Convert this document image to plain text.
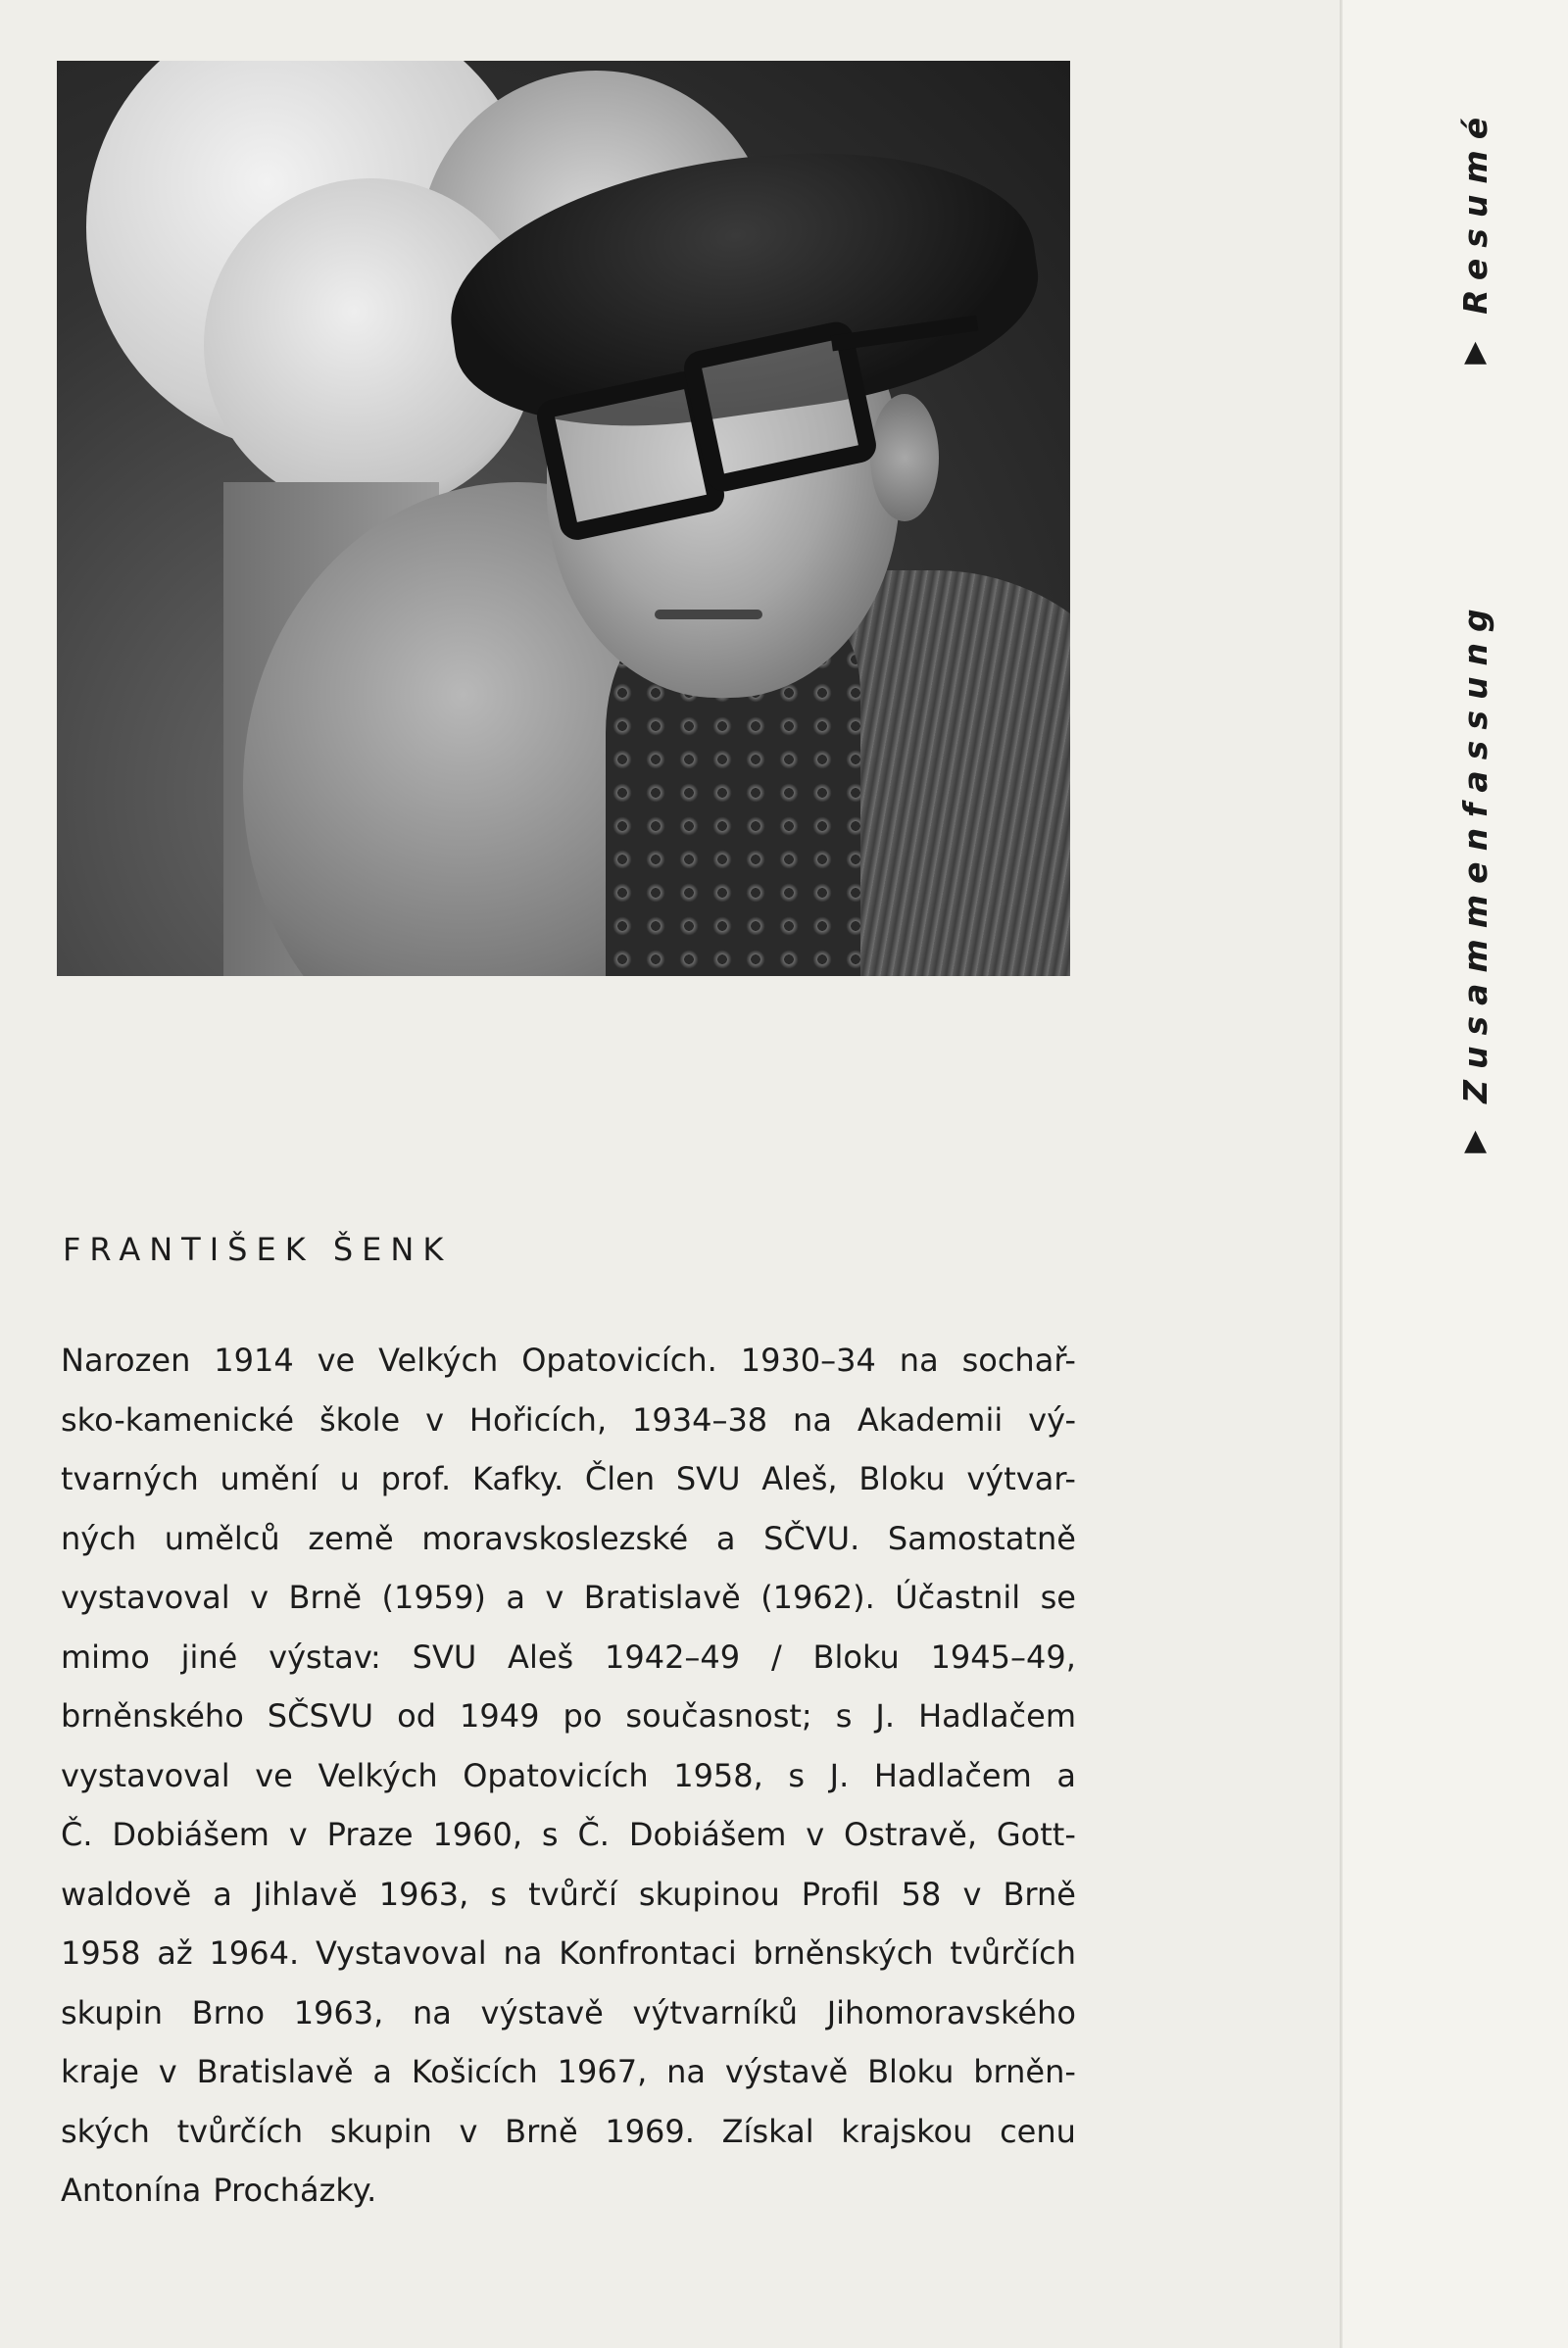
FRANTIŠEK ŠENK
Narozen 1914 ve Velkých Opatovicích. 1930–34 na sochař-
sko-kamenické škole v Hořicích, 1934–38 na Akademii vý-
tvarných umění u prof. Kafky. Člen SVU Aleš, Bloku výtvar-
ných umělců země moravskoslezské a SČVU. Samostatně
vystavoval v Brně (1959) a v Bratislavě (1962). Účastnil se
mimo jiné výstav: SVU Aleš 1942–49 / Bloku 1945–49,
brněnského SČSVU od 1949 po současnost; s J. Hadlačem
vystavoval ve Velkých Opatovicích 1958, s J. Hadlačem a
Č. Dobiášem v Praze 1960, s Č. Dobiášem v Ostravě, Gott-
waldově a Jihlavě 1963, s tvůrčí skupinou Profil 58 v Brně
1958 až 1964. Vystavoval na Konfrontaci brněnských tvůrčích
skupin Brno 1963, na výstavě výtvarníků Jihomoravského
kraje v Bratislavě a Košicích 1967, na výstavě Bloku brněn-
ských tvůrčích skupin v Brně 1969. Získal krajskou cenu
Antonína Procházky.
▲
Zusammenfassung
▲
Resumé
